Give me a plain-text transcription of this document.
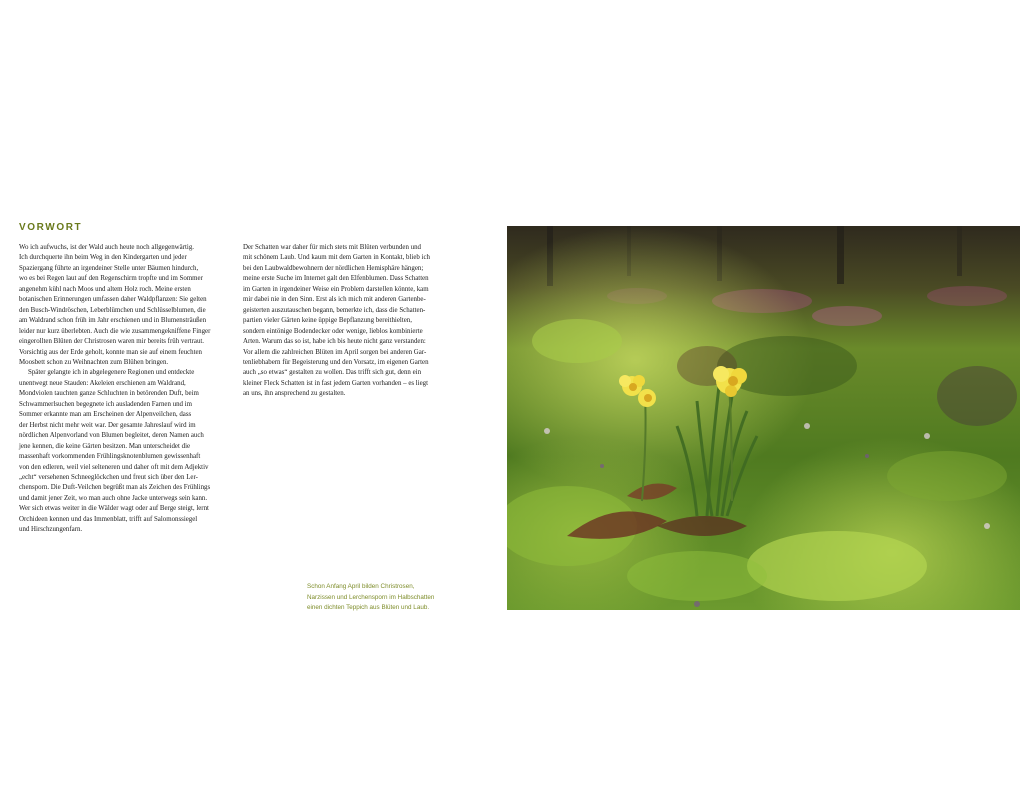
VORWORT
Wo ich aufwuchs, ist der Wald auch heute noch allgegenwärtig.
Ich durchquerte ihn beim Weg in den Kindergarten und jeder
Spaziergang führte an irgendeiner Stelle unter Bäumen hindurch,
wo es bei Regen laut auf den Regenschirm tropfte und im Sommer
angenehm kühl nach Moos und altem Holz roch. Meine ersten
botanischen Erinnerungen umfassen daher Waldpflanzen: Sie gelten
den Busch-Windröschen, Leberblümchen und Schlüsselblumen, die
am Waldrand schon früh im Jahr erschienen und in Blumensträußen
leider nur kurz überlebten. Auch die wie zusammengekniffene Finger
eingerollten Blüten der Christrosen waren mir bereits früh vertraut.
Vorsichtig aus der Erde geholt, konnte man sie auf einem feuchten
Moosbett schon zu Weihnachten zum Blühen bringen.
Später gelangte ich in abgelegenere Regionen und entdeckte
unentwegt neue Stauden: Akeleien erschienen am Waldrand,
Mondviolen tauchten ganze Schluchten in betörenden Duft, beim
Schwammerlsuchen begegnete ich ausladenden Farnen und im
Sommer erkannte man am Erscheinen der Alpenveilchen, dass
der Herbst nicht mehr weit war. Der gesamte Jahreslauf wird im
nördlichen Alpenvorland von Blumen begleitet, deren Namen auch
jene kennen, die keine Gärten besitzen. Man unterscheidet die
massenhaft vorkommenden Frühlingsknotenblumen gewissenhaft
von den edleren, weil viel selteneren und daher oft mit dem Adjektiv
„echt“ versehenen Schneeglöckchen und freut sich über den Ler-
chensporn. Die Duft-Veilchen begrüßt man als Zeichen des Frühlings
und damit jener Zeit, wo man auch ohne Jacke unterwegs sein kann.
Wer sich etwas weiter in die Wälder wagt oder auf Berge steigt, lernt
Orchideen kennen und das Immenblatt, trifft auf Salomonssiegel
und Hirschzungenfarn.
Der Schatten war daher für mich stets mit Blüten verbunden und
mit schönem Laub. Und kaum mit dem Garten in Kontakt, blieb ich
bei den Laubwaldbewohnern der nördlichen Hemisphäre hängen;
meine erste Suche im Internet galt den Elfenblumen. Dass Schatten
im Garten in irgendeiner Weise ein Problem darstellen könnte, kam
mir dabei nie in den Sinn. Erst als ich mich mit anderen Gartenbe-
geisterten auszutauschen begann, bemerkte ich, dass die Schatten-
partien vieler Gärten keine üppige Bepflanzung bereithielten,
sondern eintönige Bodendecker oder wenige, lieblos kombinierte
Arten. Warum das so ist, habe ich bis heute nicht ganz verstanden:
Vor allem die zahlreichen Blüten im April sorgen bei anderen Gar-
tenliebhabern für Begeisterung und den Vorsatz, im eigenen Garten
auch „so etwas“ gestalten zu wollen. Das trifft sich gut, denn ein
kleiner Fleck Schatten ist in fast jedem Garten vorhanden – es liegt
an uns, ihn ansprechend zu gestalten.
Schon Anfang April bilden Christrosen,
Narzissen und Lerchensporn im Halbschatten
einen dichten Teppich aus Blüten und Laub.
